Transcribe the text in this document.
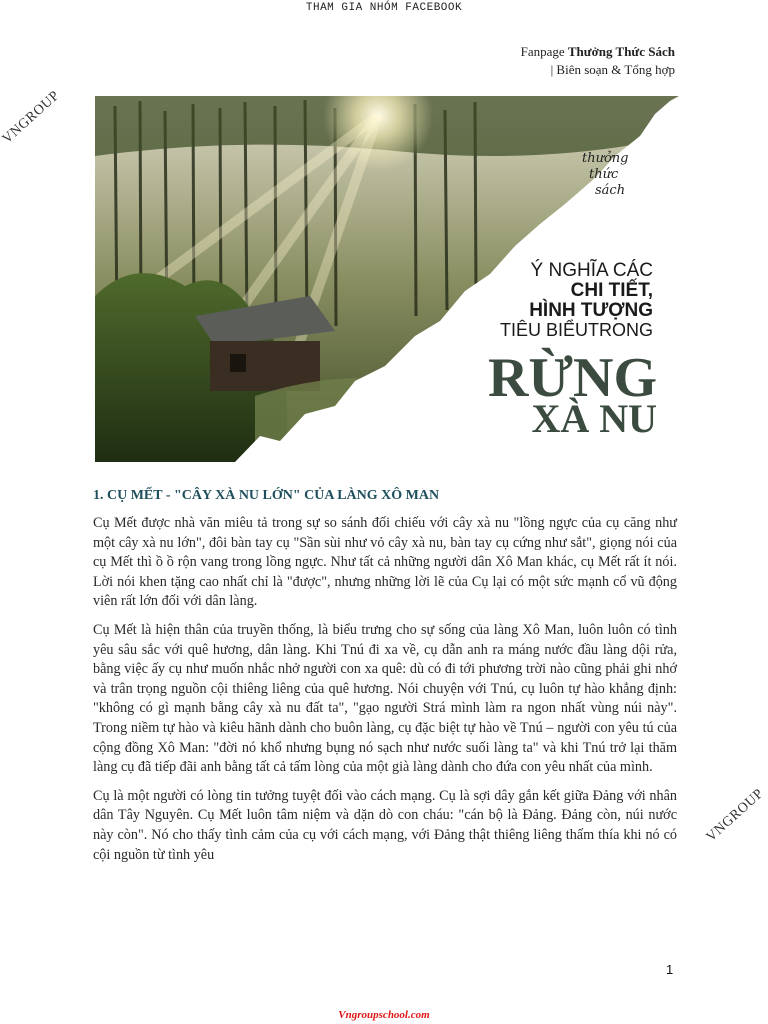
THAM GIA NHÓM FACEBOOK
Fanpage Thưởng Thức Sách
| Biên soạn & Tổng hợp
VNGROUP
VNGROUP
thưởng
thức
sách
Ý NGHĨA CÁC
CHI TIẾT,
HÌNH TƯỢNG
TIÊU BIỂUTRONG
RỪNG
XÀ NU
1. CỤ MẾT - "CÂY XÀ NU LỚN" CỦA LÀNG XÔ MAN

Cụ Mết được nhà văn miêu tả trong sự so sánh đối chiếu với cây xà nu "lồng ngực của cụ căng như một cây xà nu lớn", đôi bàn tay cụ "Sần sùi như vỏ cây xà nu, bàn tay cụ cứng như sắt", giọng nói của cụ Mết thì ồ ồ rộn vang trong lồng ngực. Như tất cả những người dân Xô Man khác, cụ Mết rất ít nói. Lời nói khen tặng cao nhất chỉ là "được", nhưng những lời lẽ của Cụ lại có một sức mạnh cổ vũ động viên rất lớn đối với dân làng.

Cụ Mết là hiện thân của truyền thống, là biểu trưng cho sự sống của làng Xô Man, luôn luôn có tình yêu sâu sắc với quê hương, dân làng. Khi Tnú đi xa về, cụ dẫn anh ra máng nước đầu làng dội rửa, bằng việc ấy cụ như muốn nhắc nhở người con xa quê: dù có đi tới phương trời nào cũng phải ghi nhớ và trân trọng nguồn cội thiêng liêng của quê hương. Nói chuyện với Tnú, cụ luôn tự hào khẳng định: "không có gì mạnh bằng cây xà nu đất ta", "gạo người Strá mình làm ra ngon nhất vùng núi này". Trong niềm tự hào và kiêu hãnh dành cho buôn làng, cụ đặc biệt tự hào về Tnú – người con yêu tú của cộng đồng Xô Man: "đời nó khổ nhưng bụng nó sạch như nước suối làng ta" và khi Tnú trở lại thăm làng cụ đã tiếp đãi anh bằng tất cả tấm lòng của một già làng dành cho đứa con yêu nhất của mình.

Cụ là một người có lòng tin tưởng tuyệt đối vào cách mạng. Cụ là sợi dây gắn kết giữa Đảng với nhân dân Tây Nguyên. Cụ Mết luôn tâm niệm và dặn dò con cháu: "cán bộ là Đảng. Đảng còn, núi nước này còn". Nó cho thấy tình cảm của cụ với cách mạng, với Đảng thật thiêng liêng thấm thía khi nó có cội nguồn từ tình yêu

1
Vngroupschool.com
